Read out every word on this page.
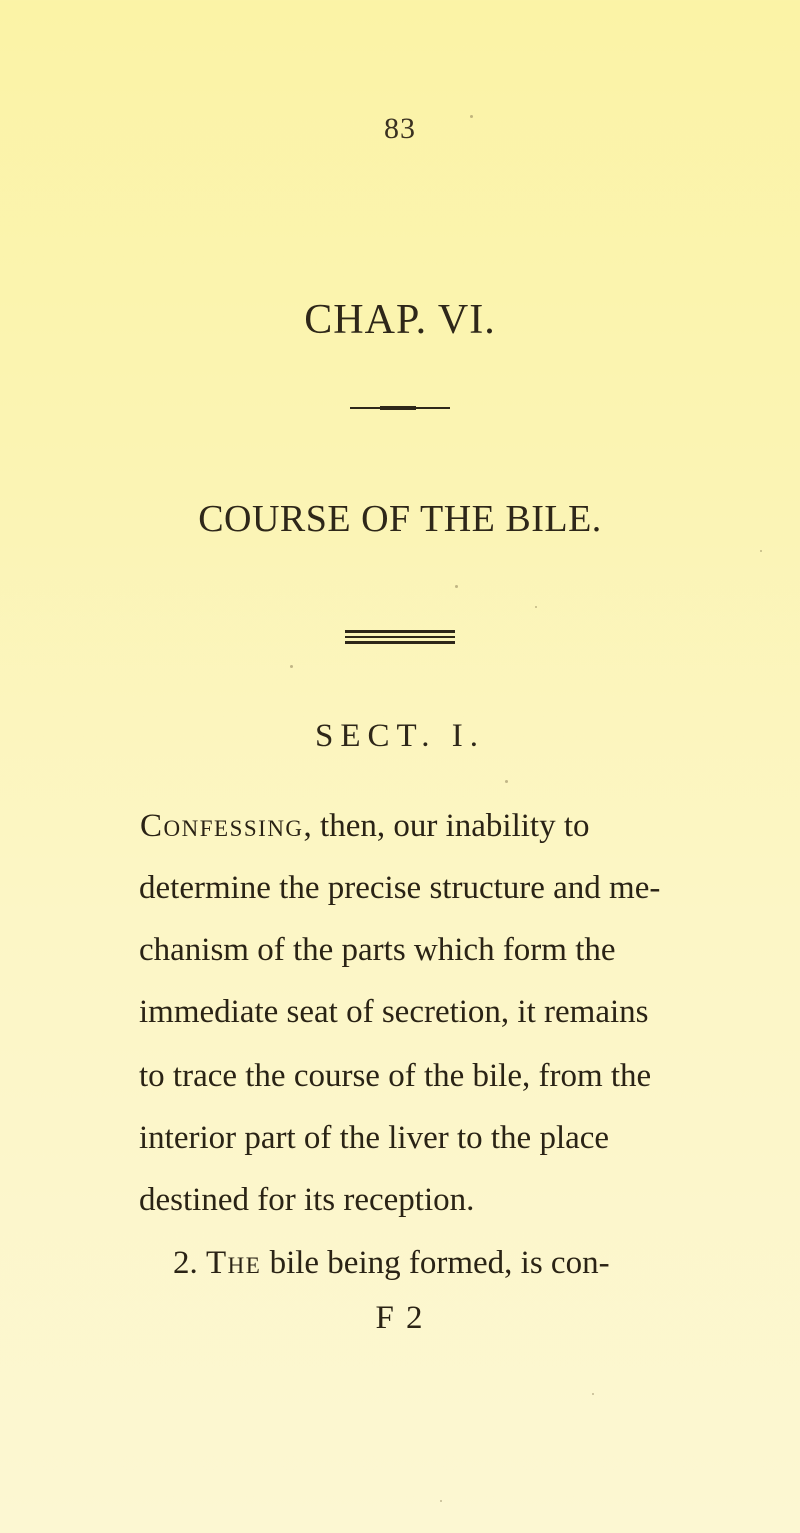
83
CHAP. VI.
COURSE OF THE BILE.
SECT. I.
Confessing, then, our inability to
determine the precise structure and me-
chanism of the parts which form the
immediate seat of secretion, it remains
to trace the course of the bile, from the
interior part of the liver to the place
destined for its reception.
2. The bile being formed, is con-
F 2
